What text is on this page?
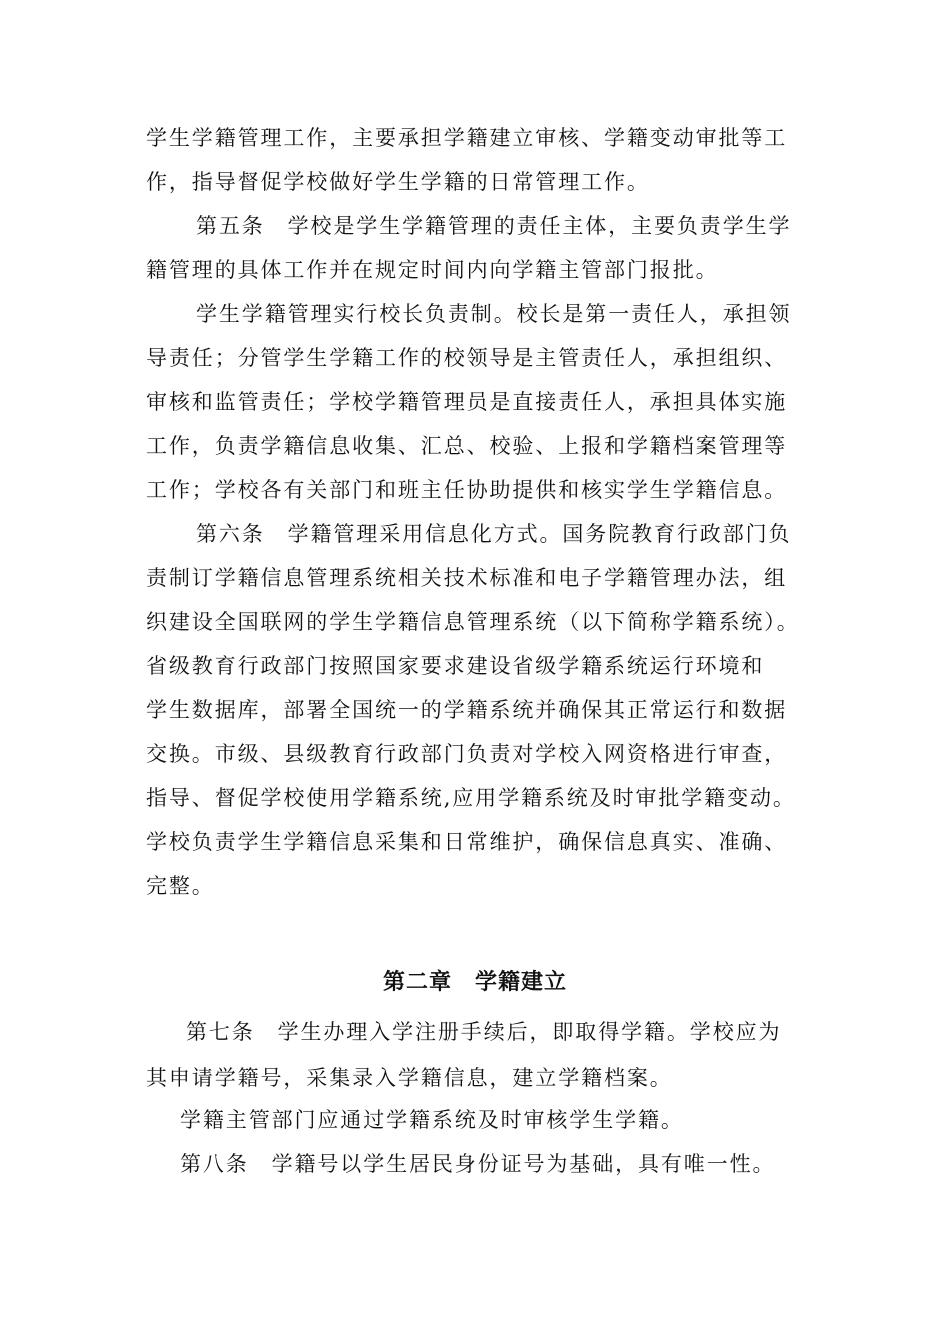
学生学籍管理工作，主要承担学籍建立审核、学籍变动审批等工
作，指导督促学校做好学生学籍的日常管理工作。
第五条　学校是学生学籍管理的责任主体，主要负责学生学
籍管理的具体工作并在规定时间内向学籍主管部门报批。
学生学籍管理实行校长负责制。校长是第一责任人，承担领
导责任；分管学生学籍工作的校领导是主管责任人，承担组织、
审核和监管责任；学校学籍管理员是直接责任人，承担具体实施
工作，负责学籍信息收集、汇总、校验、上报和学籍档案管理等
工作；学校各有关部门和班主任协助提供和核实学生学籍信息。
第六条　学籍管理采用信息化方式。国务院教育行政部门负
责制订学籍信息管理系统相关技术标准和电子学籍管理办法，组
织建设全国联网的学生学籍信息管理系统（以下简称学籍系统）。
省级教育行政部门按照国家要求建设省级学籍系统运行环境和
学生数据库，部署全国统一的学籍系统并确保其正常运行和数据
交换。市级、县级教育行政部门负责对学校入网资格进行审查，
指导、督促学校使用学籍系统,应用学籍系统及时审批学籍变动。
学校负责学生学籍信息采集和日常维护，确保信息真实、准确、
完整。
第二章　学籍建立
第七条　学生办理入学注册手续后，即取得学籍。学校应为
其申请学籍号，采集录入学籍信息，建立学籍档案。
学籍主管部门应通过学籍系统及时审核学生学籍。
第八条　学籍号以学生居民身份证号为基础，具有唯一性。
